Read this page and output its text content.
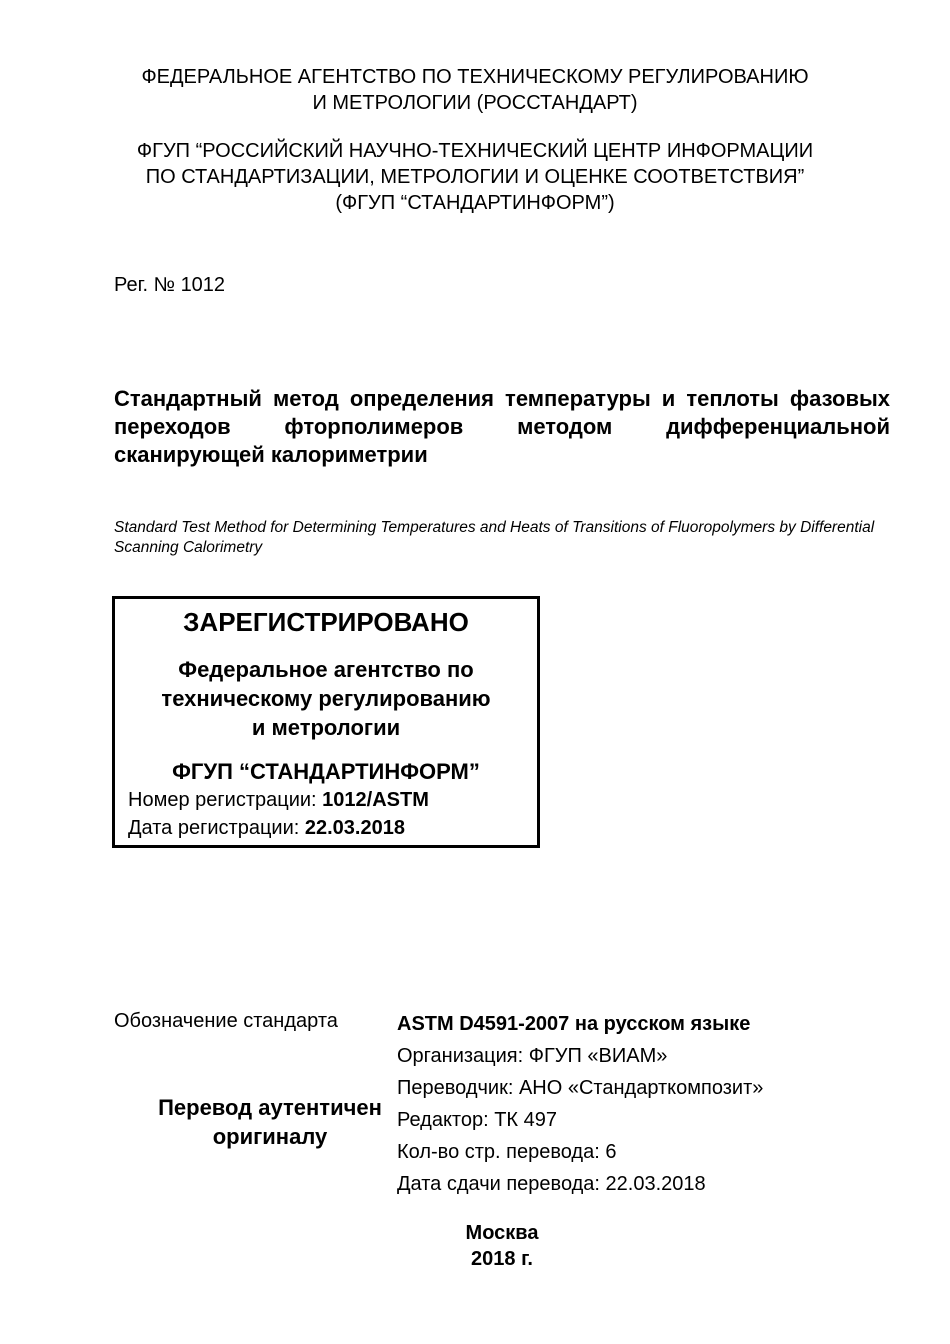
ФЕДЕРАЛЬНОЕ АГЕНТСТВО ПО ТЕХНИЧЕСКОМУ РЕГУЛИРОВАНИЮ
И МЕТРОЛОГИИ (РОССТАНДАРТ)
ФГУП “РОССИЙСКИЙ НАУЧНО-ТЕХНИЧЕСКИЙ ЦЕНТР ИНФОРМАЦИИ
ПО СТАНДАРТИЗАЦИИ, МЕТРОЛОГИИ И ОЦЕНКЕ СООТВЕТСТВИЯ”
(ФГУП “СТАНДАРТИНФОРМ”)
Рег. № 1012
Стандартный метод определения температуры и теплоты фазовых переходов фторполимеров методом дифференциальной сканирующей калориметрии
Standard Test Method for Determining Temperatures and Heats of Transitions of Fluoropolymers by Differential Scanning Calorimetry
ЗАРЕГИСТРИРОВАНО
Федеральное агентство по
техническому регулированию
и метрологии
ФГУП “СТАНДАРТИНФОРМ”
Номер регистрации: 1012/ASTM
Дата регистрации: 22.03.2018
Обозначение стандарта
Перевод аутентичен
оригиналу
ASTM D4591-2007 на русском языке
Организация: ФГУП «ВИАМ»
Переводчик: АНО «Стандарткомпозит»
Редактор: ТК 497
Кол-во стр. перевода: 6
Дата сдачи перевода: 22.03.2018
Москва
2018 г.
